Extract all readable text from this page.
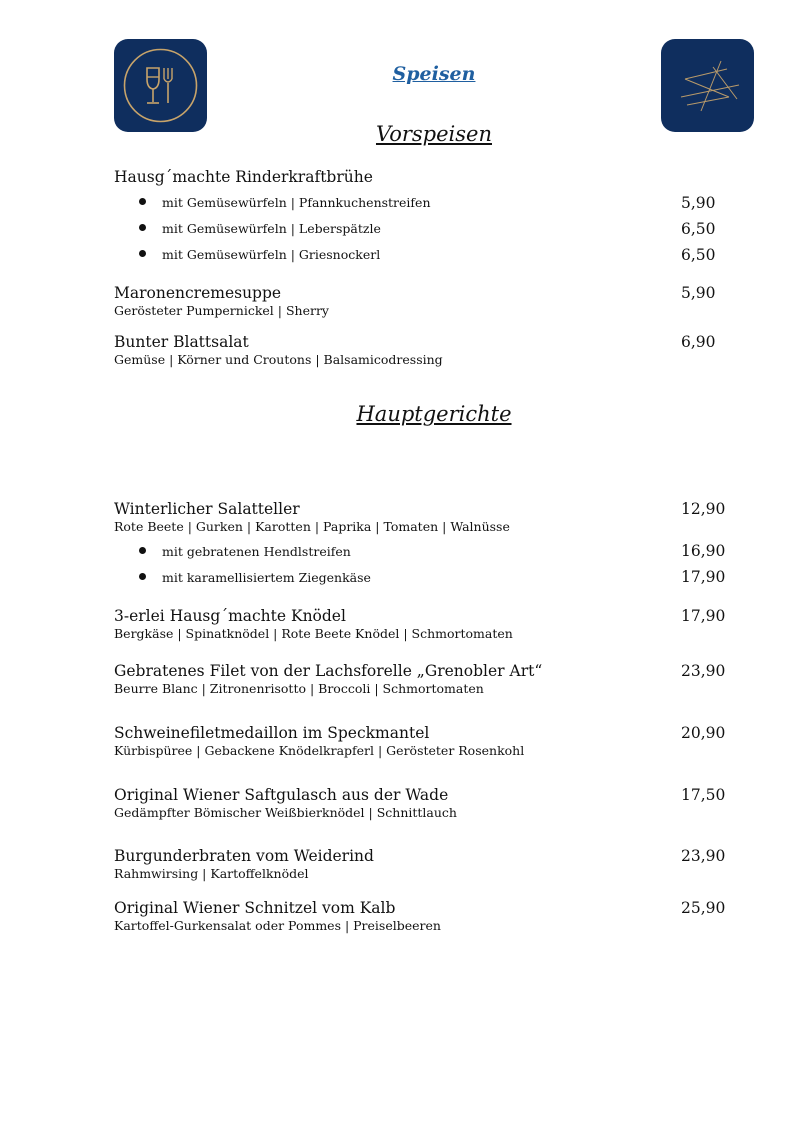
Speisen
Vorspeisen
Hausg´machte Rinderkraftbrühe
mit Gemüsewürfeln | Pfannkuchenstreifen	5,90
mit Gemüsewürfeln | Leberspätzle	6,50
mit Gemüsewürfeln | Griesnockerl	6,50
Maronencremesuppe	5,90
Gerösteter Pumpernickel | Sherry
Bunter Blattsalat	6,90
Gemüse | Körner und Croutons | Balsamicodressing
Hauptgerichte
Winterlicher Salatteller	12,90
Rote Beete | Gurken | Karotten | Paprika | Tomaten | Walnüsse
mit gebratenen Hendlstreifen	16,90
mit karamellisiertem Ziegenkäse	17,90
3-erlei Hausg´machte Knödel	17,90
Bergkäse | Spinatknödel | Rote Beete Knödel | Schmortomaten
Gebratenes Filet von der Lachsforelle „Grenobler Art“	23,90
Beurre Blanc | Zitronenrisotto | Broccoli | Schmortomaten
Schweinefiletmedaillon im Speckmantel	20,90
Kürbispüree | Gebackene Knödelkrapferl | Gerösteter Rosenkohl
Original Wiener Saftgulasch aus der Wade	17,50
Gedämpfter Bömischer Weißbierknödel | Schnittlauch
Burgunderbraten vom Weiderind	23,90
Rahmwirsing | Kartoffelknödel
Original Wiener Schnitzel vom Kalb	25,90
Kartoffel-Gurkensalat oder Pommes | Preiselbeeren
